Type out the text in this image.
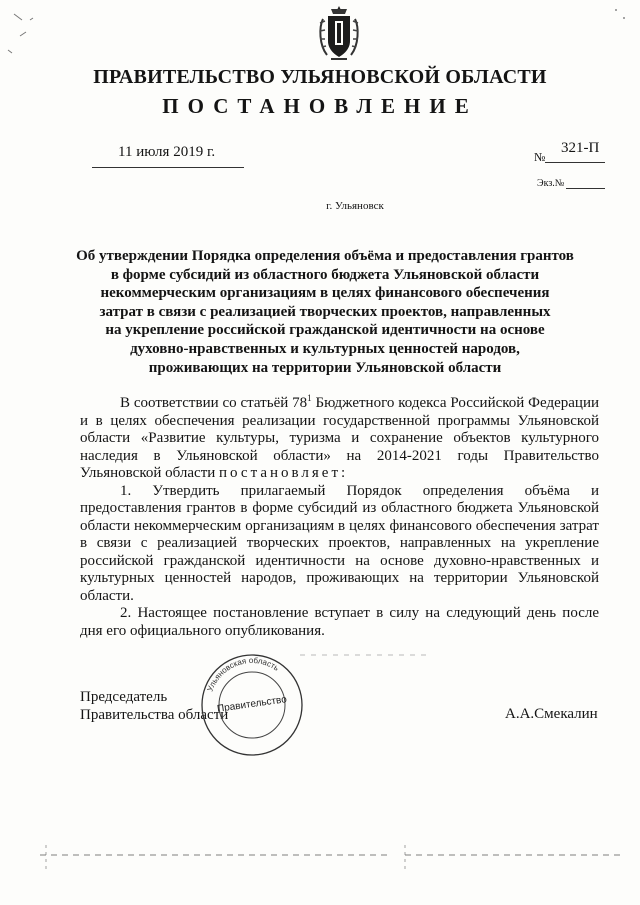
ПРАВИТЕЛЬСТВО УЛЬЯНОВСКОЙ ОБЛАСТИ
ПОСТАНОВЛЕНИЕ
11 июля 2019 г.	№
321-П
Экз.№
г. Ульяновск
Об утверждении Порядка определения объёма и предоставления грантов
в форме субсидий из областного бюджета Ульяновской области
некоммерческим организациям в целях финансового обеспечения
затрат в связи с реализацией творческих проектов, направленных
на укрепление российской гражданской идентичности на основе
духовно-нравственных и культурных ценностей народов,
проживающих на территории Ульяновской области

В соответствии со статьёй $78^1$ Бюджетного кодекса Российской Федерации и в целях обеспечения реализации государственной программы Ульяновской области «Развитие культуры, туризма и сохранение объектов культурного наследия в Ульяновской области» на 2014-2021 годы Правительство Ульяновской области постановляет:

1. Утвердить прилагаемый Порядок определения объёма и предоставления грантов в форме субсидий из областного бюджета Ульяновской области некоммерческим организациям в целях финансового обеспечения затрат в связи с реализацией творческих проектов, направленных на укрепление российской гражданской идентичности на основе духовно-нравственных и культурных ценностей народов, проживающих на территории Ульяновской области.

2. Настоящее постановление вступает в силу на следующий день после дня его официального опубликования.

Председатель
Правительства области	А.А.Смекалин
Ульяновская область
Правительство
